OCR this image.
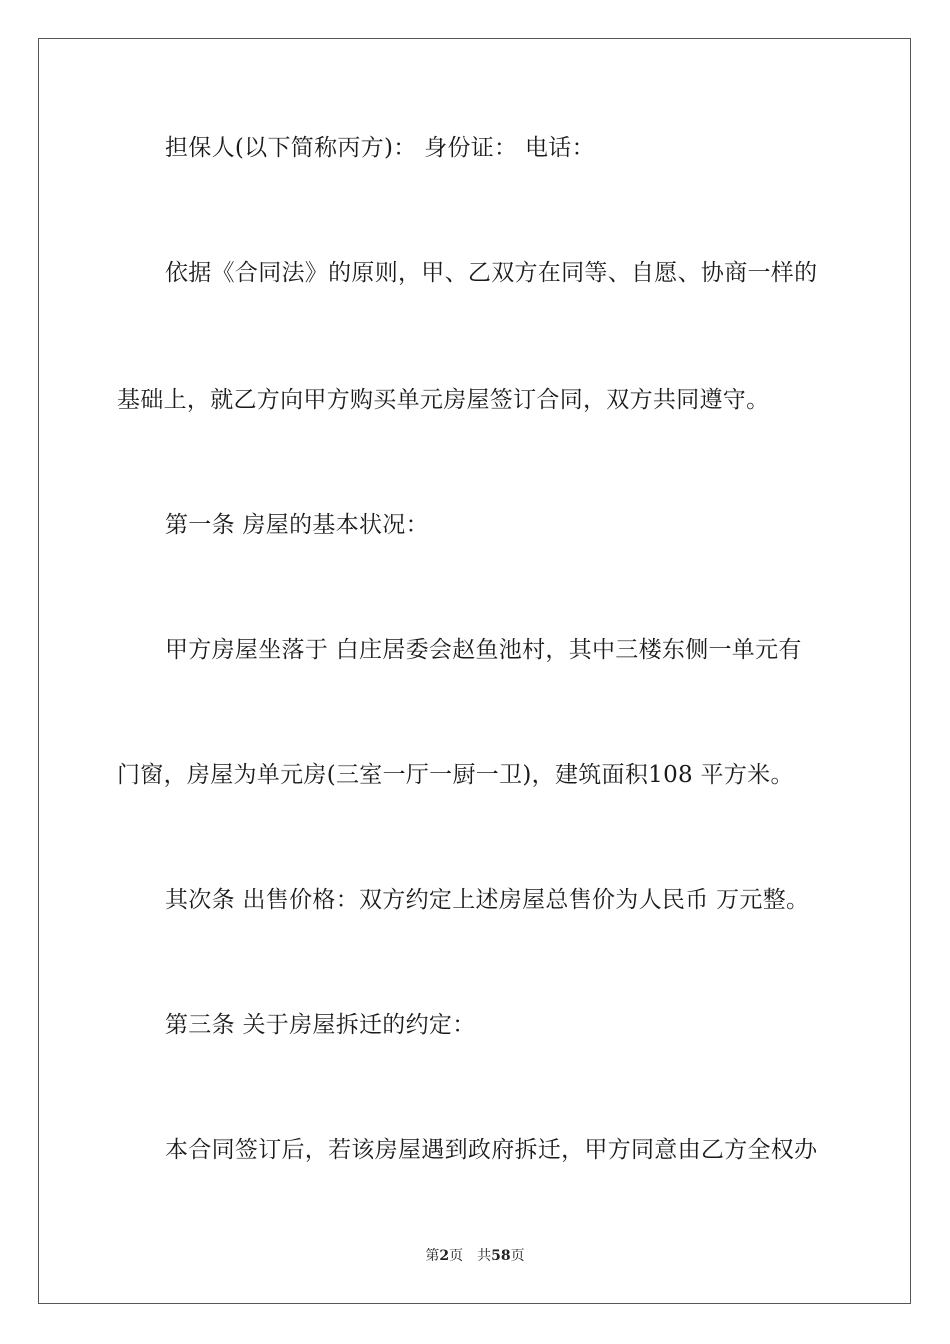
担保人(以下简称丙方)： 身份证： 电话：
依据《合同法》的原则，甲、乙双方在同等、自愿、协商一样的
基础上，就乙方向甲方购买单元房屋签订合同，双方共同遵守。
第一条 房屋的基本状况：
甲方房屋坐落于 白庄居委会赵鱼池村，其中三楼东侧一单元有
门窗，房屋为单元房(三室一厅一厨一卫)，建筑面积108 平方米。
其次条 出售价格：双方约定上述房屋总售价为人民币 万元整。
第三条 关于房屋拆迁的约定：
本合同签订后，若该房屋遇到政府拆迁，甲方同意由乙方全权办
第2页 共58页
